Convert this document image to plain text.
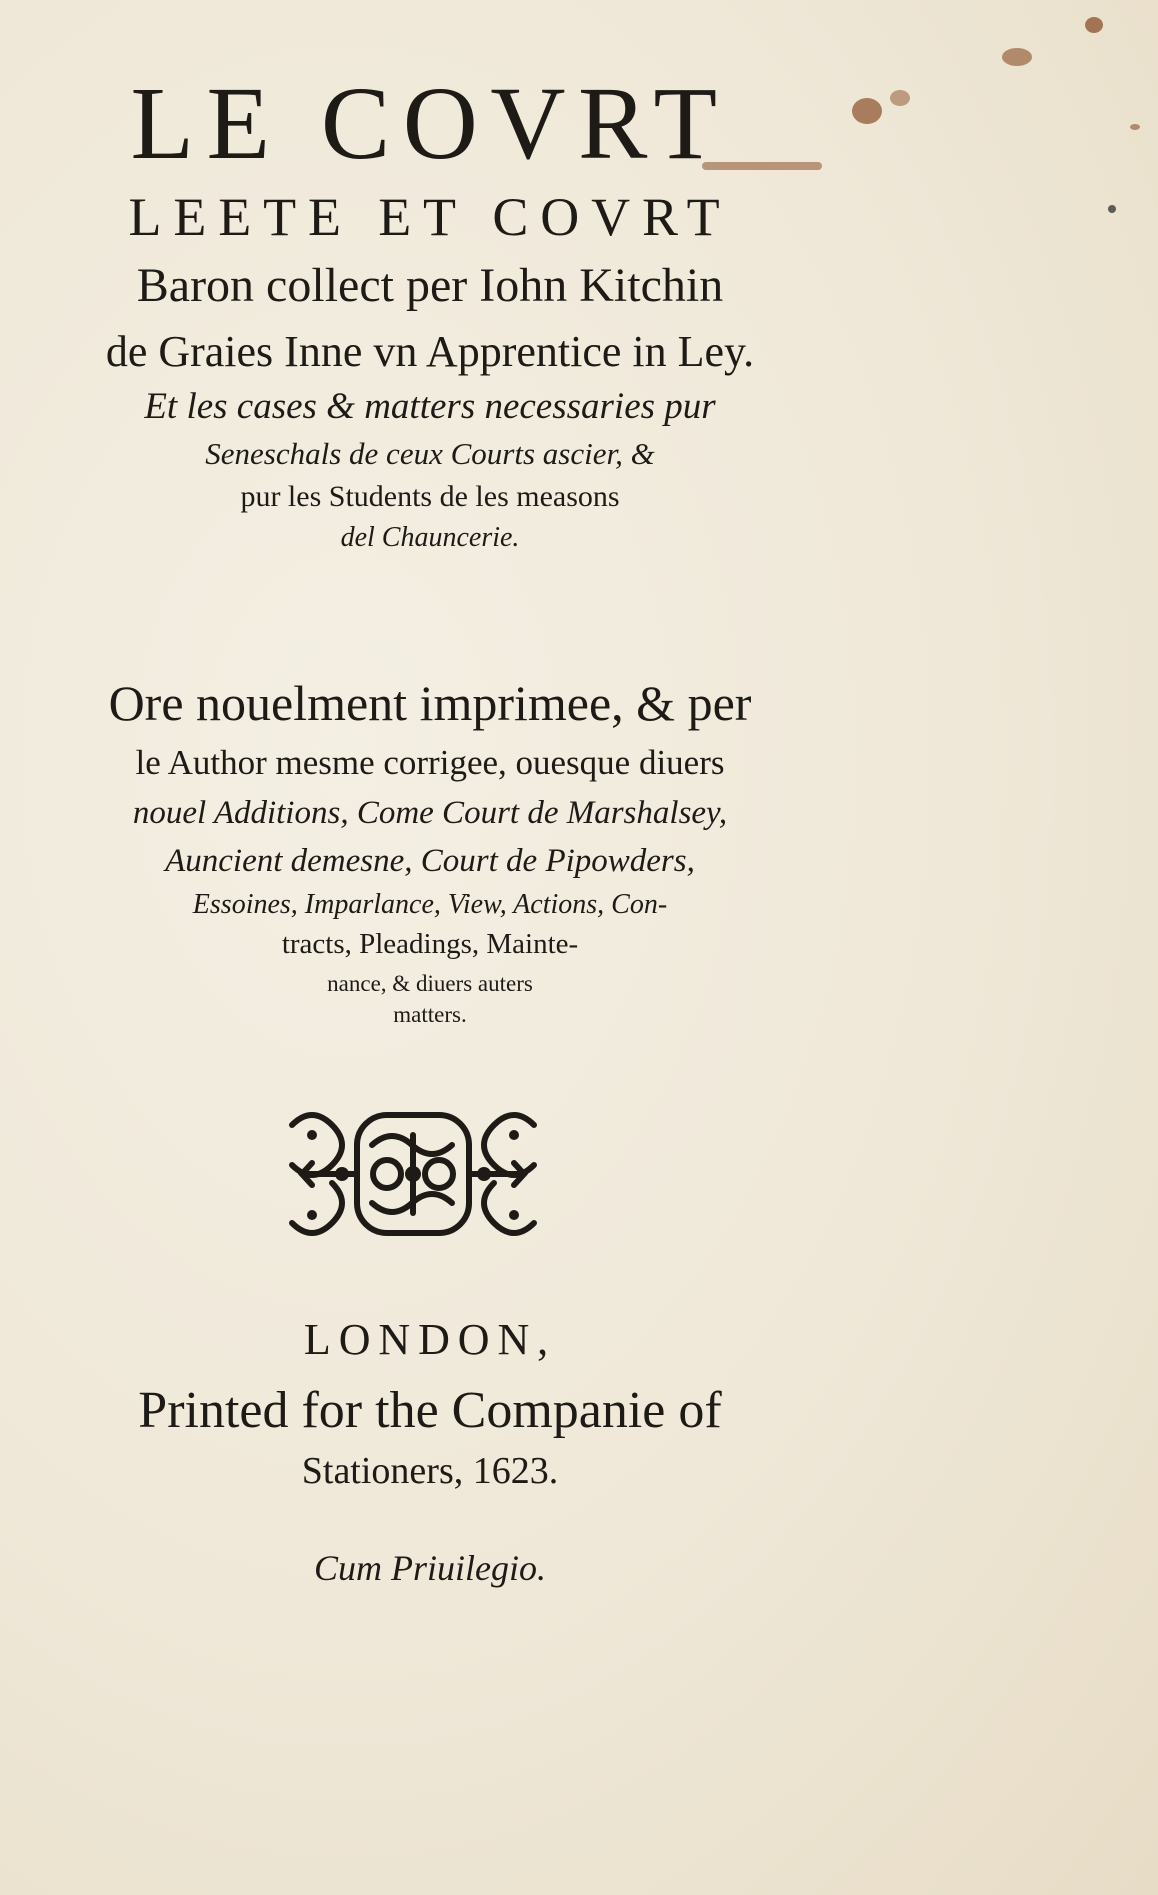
LE COVRT
LEETE ET COVRT
Baron collect per Iohn Kitchin
de Graies Inne vn Apprentice in Ley.
Et les cases & matters necessaries pur
Seneschals de ceux Courts ascier, &
pur les Students de les measons
del Chauncerie.
Ore nouelment imprimee, & per
le Author mesme corrigee, ouesque diuers
nouel Additions, Come Court de Marshalsey,
Auncient demesne, Court de Pipowders,
Essoines, Imparlance, View, Actions, Con-
tracts, Pleadings, Mainte-
nance, & diuers auters
matters.
LONDON,
Printed for the Companie of
Stationers, 1623.
Cum Priuilegio.
